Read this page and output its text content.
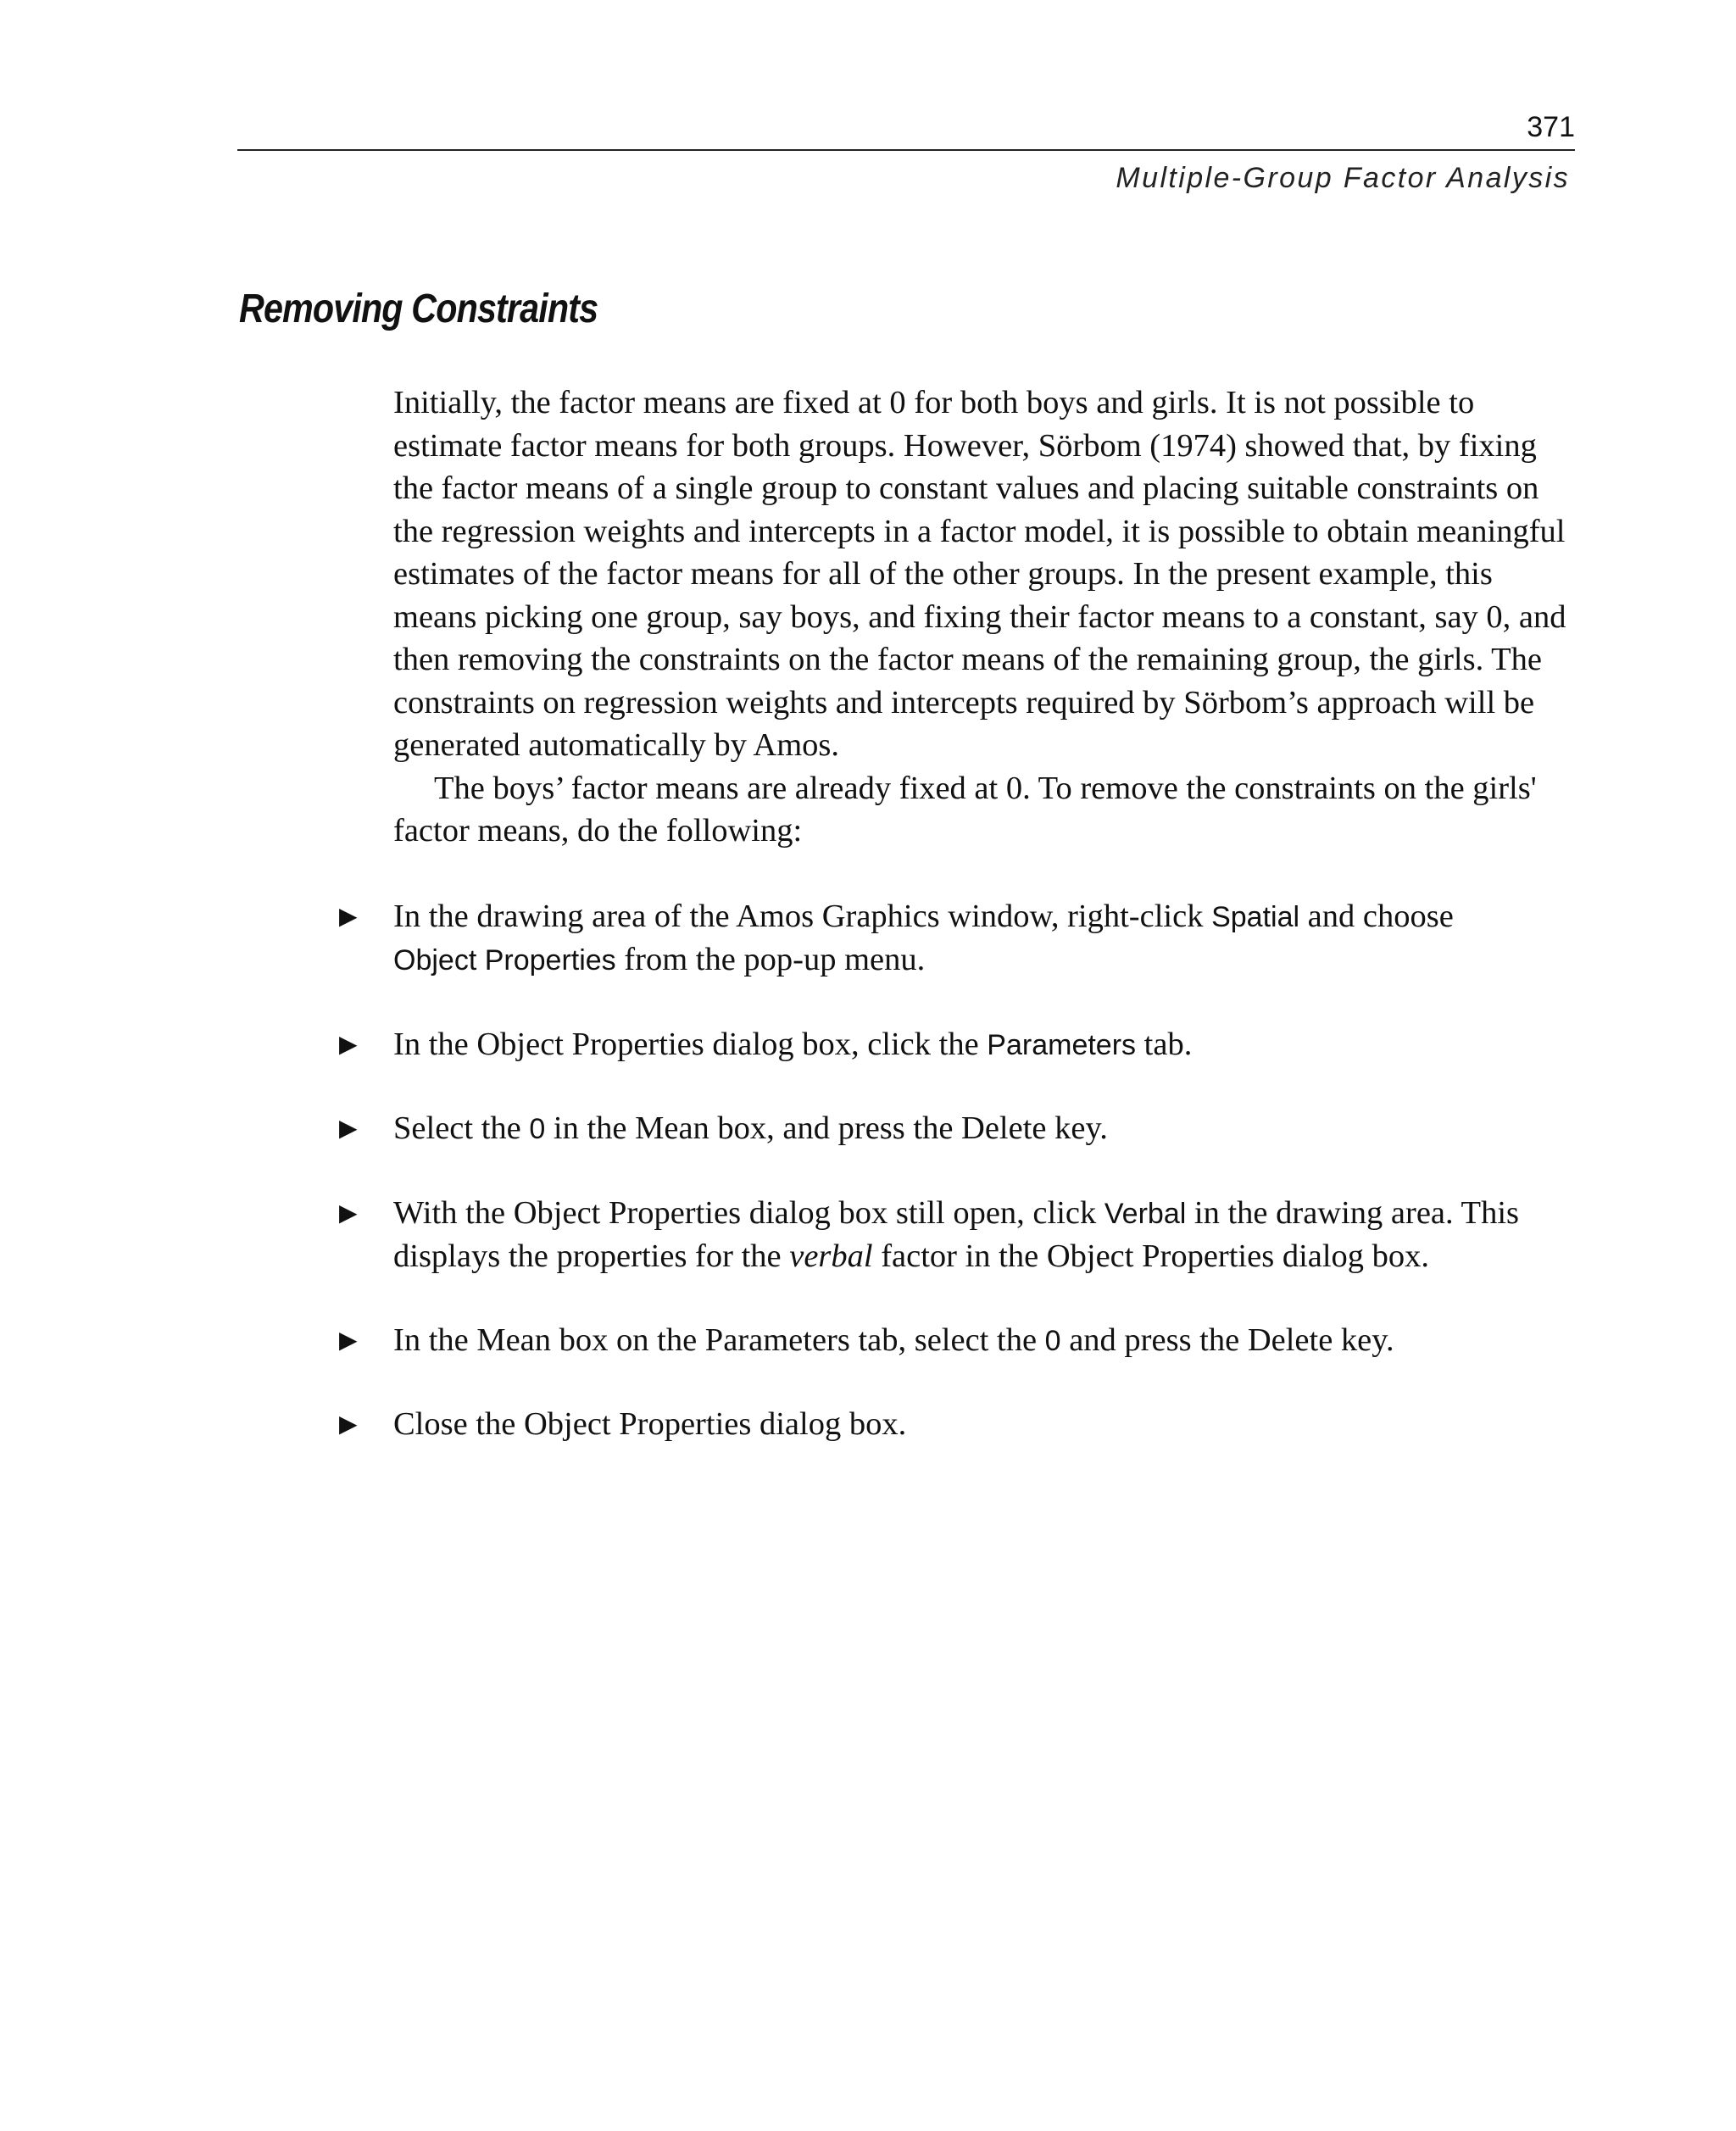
371
Multiple-Group Factor Analysis
Removing Constraints

Initially, the factor means are fixed at 0 for both boys and girls. It is not possible to estimate factor means for both groups. However, Sörbom (1974) showed that, by fixing the factor means of a single group to constant values and placing suitable constraints on the regression weights and intercepts in a factor model, it is possible to obtain meaningful estimates of the factor means for all of the other groups. In the present example, this means picking one group, say boys, and fixing their factor means to a constant, say 0, and then removing the constraints on the factor means of the remaining group, the girls. The constraints on regression weights and intercepts required by Sörbom’s approach will be generated automatically by Amos.

The boys’ factor means are already fixed at 0. To remove the constraints on the girls' factor means, do the following:

▶	In the drawing area of the Amos Graphics window, right-click Spatial and choose
Object Properties from the pop-up menu.
▶	In the Object Properties dialog box, click the Parameters tab.
▶	Select the 0 in the Mean box, and press the Delete key.
▶	With the Object Properties dialog box still open, click Verbal in the drawing area. This displays the properties for the verbal factor in the Object Properties dialog box.
▶	In the Mean box on the Parameters tab, select the 0 and press the Delete key.
▶	Close the Object Properties dialog box.
